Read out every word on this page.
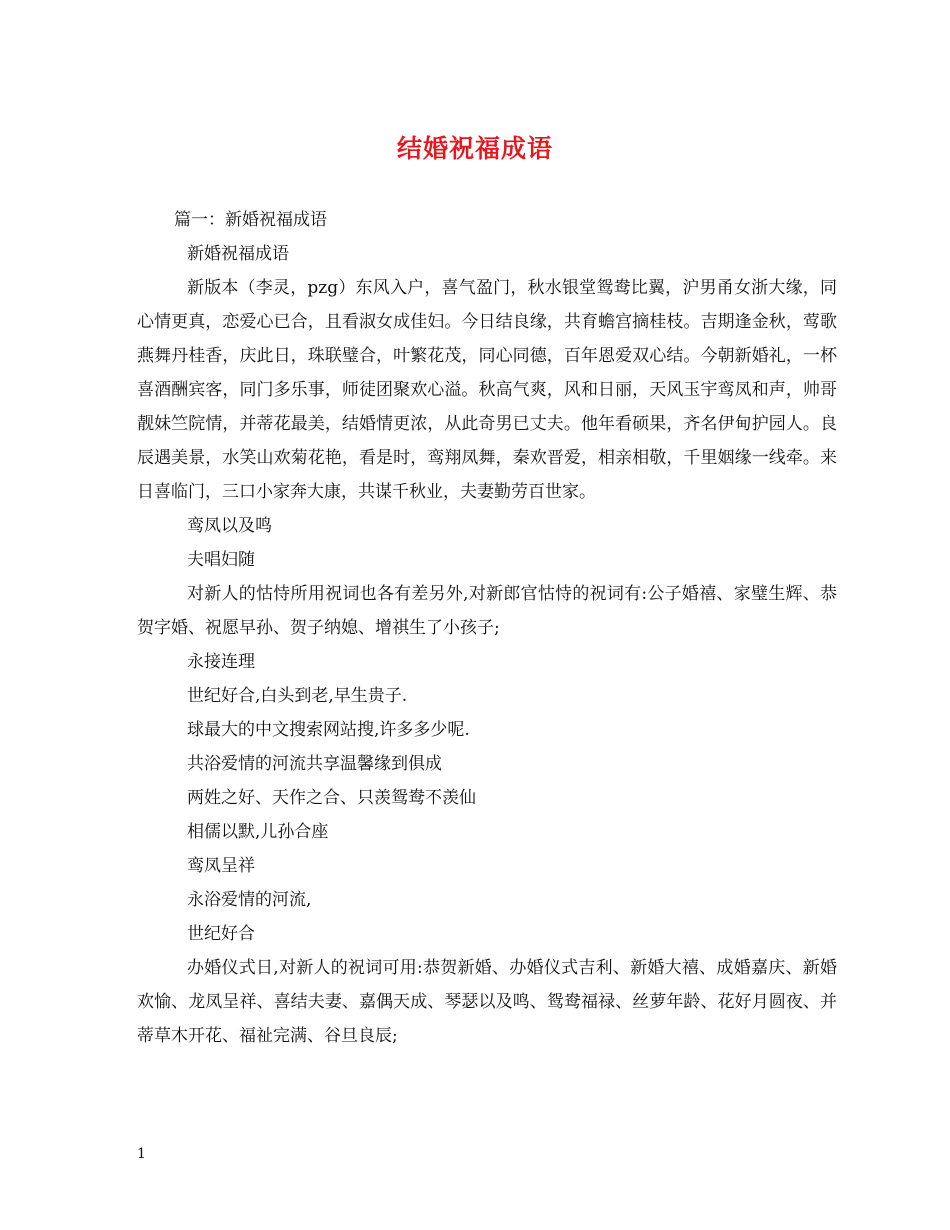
结婚祝福成语
篇一：新婚祝福成语
新婚祝福成语
新版本（李灵，pzg）东风入户，喜气盈门，秋水银堂鸳鸯比翼，沪男甬女浙大缘，同心情更真，恋爱心已合，且看淑女成佳妇。今日结良缘，共育蟾宫摘桂枝。吉期逢金秋，莺歌燕舞丹桂香，庆此日，珠联璧合，叶繁花茂，同心同德，百年恩爱双心结。今朝新婚礼，一杯喜酒酬宾客，同门多乐事，师徒团聚欢心溢。秋高气爽，风和日丽，天风玉宇鸾凤和声，帅哥靓妹竺院情，并蒂花最美，结婚情更浓，从此奇男已丈夫。他年看硕果，齐名伊甸护园人。良辰遇美景，水笑山欢菊花艳，看是时，鸾翔凤舞，秦欢晋爱，相亲相敬，千里姻缘一线牵。来日喜临门，三口小家奔大康，共谋千秋业，夫妻勤劳百世家。
鸾凤以及鸣
夫唱妇随
对新人的怙恃所用祝词也各有差另外,对新郎官怙恃的祝词有:公子婚禧、家璧生辉、恭贺字婚、祝愿早孙、贺子纳媳、增祺生了小孩子;
永接连理
世纪好合,白头到老,早生贵子.
球最大的中文搜索网站搜,许多多少呢.
共浴爱情的河流共享温馨缘到俱成
两姓之好、天作之合、只羡鸳鸯不羡仙
相儒以默,儿孙合座
鸾凤呈祥
永浴爱情的河流,
世纪好合
办婚仪式日,对新人的祝词可用:恭贺新婚、办婚仪式吉利、新婚大禧、成婚嘉庆、新婚欢愉、龙凤呈祥、喜结夫妻、嘉偶天成、琴瑟以及鸣、鸳鸯福禄、丝萝年龄、花好月圆夜、并蒂草木开花、福祉完满、谷旦良辰;
1
